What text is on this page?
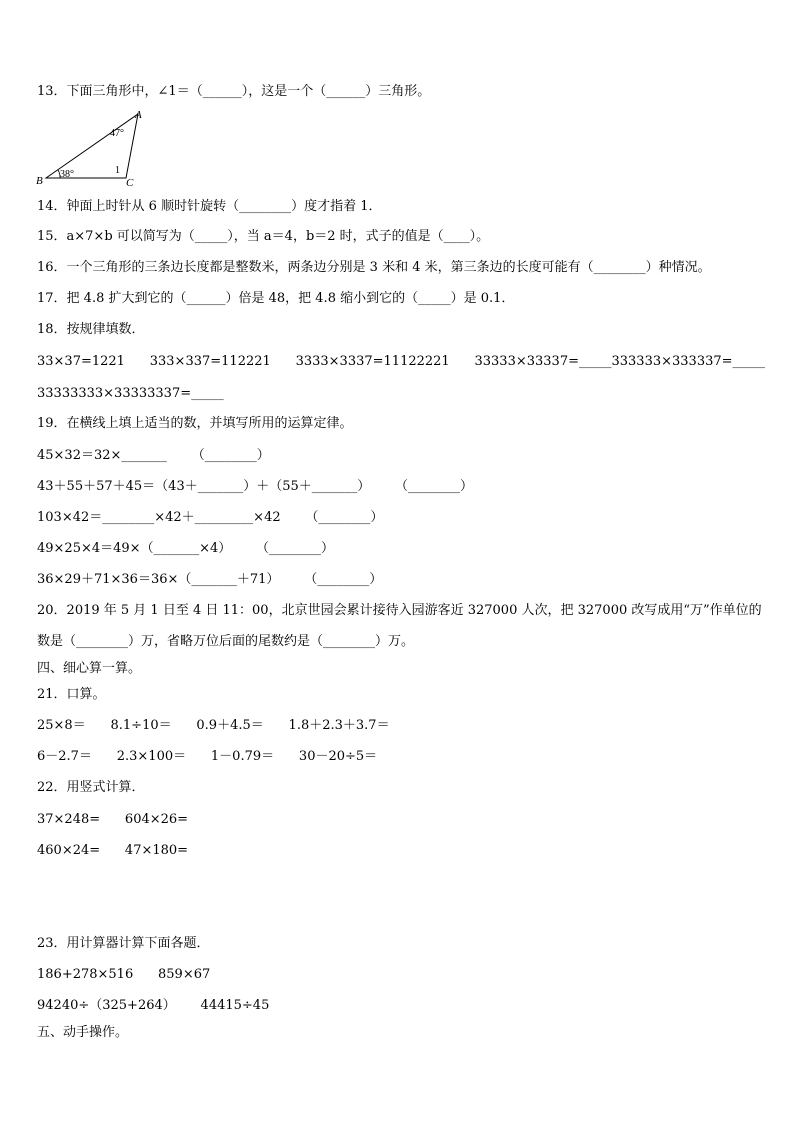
13．下面三角形中，∠1＝（______），这是一个（______）三角形。
A
B	C
47°
38°	1
14．钟面上时针从 6 顺时针旋转（________）度才指着 1．
15．a×7×b 可以简写为（_____），当 a＝4，b＝2 时，式子的值是（____）。
16．一个三角形的三条边长度都是整数米，两条边分别是 3 米和 4 米，第三条边的长度可能有（________）种情况。
17．把 4.8 扩大到它的（______）倍是 48，把 4.8 缩小到它的（_____）是 0.1．
18．按规律填数．
33×37=1221      333×337=112221      3333×3337=11122221      33333×33337=_____333333×333337=_____
33333333×33333337=_____
19．在横线上填上适当的数，并填写所用的运算定律。
45×32＝32×_______      （________）
43＋55＋57＋45＝（43＋_______）＋（55＋_______）      （________）
103×42＝________×42＋_________×42      （________）
49×25×4＝49×（_______×4）      （________）
36×29＋71×36＝36×（_______＋71）      （________）
20．2019 年 5 月 1 日至 4 日 11：00，北京世园会累计接待入园游客近 327000 人次，把 327000 改写成用“万”作单位的
数是（________）万，省略万位后面的尾数约是（________）万。
四、细心算一算。
21．口算。
25×8＝      8.1÷10＝      0.9＋4.5＝      1.8＋2.3＋3.7＝
6－2.7＝      2.3×100＝      1－0.79＝      30－20÷5＝
22．用竖式计算．
37×248=      604×26=
460×24=      47×180=
23．用计算器计算下面各题．
186+278×516      859×67
94240÷（325+264）      44415÷45
五、动手操作。
